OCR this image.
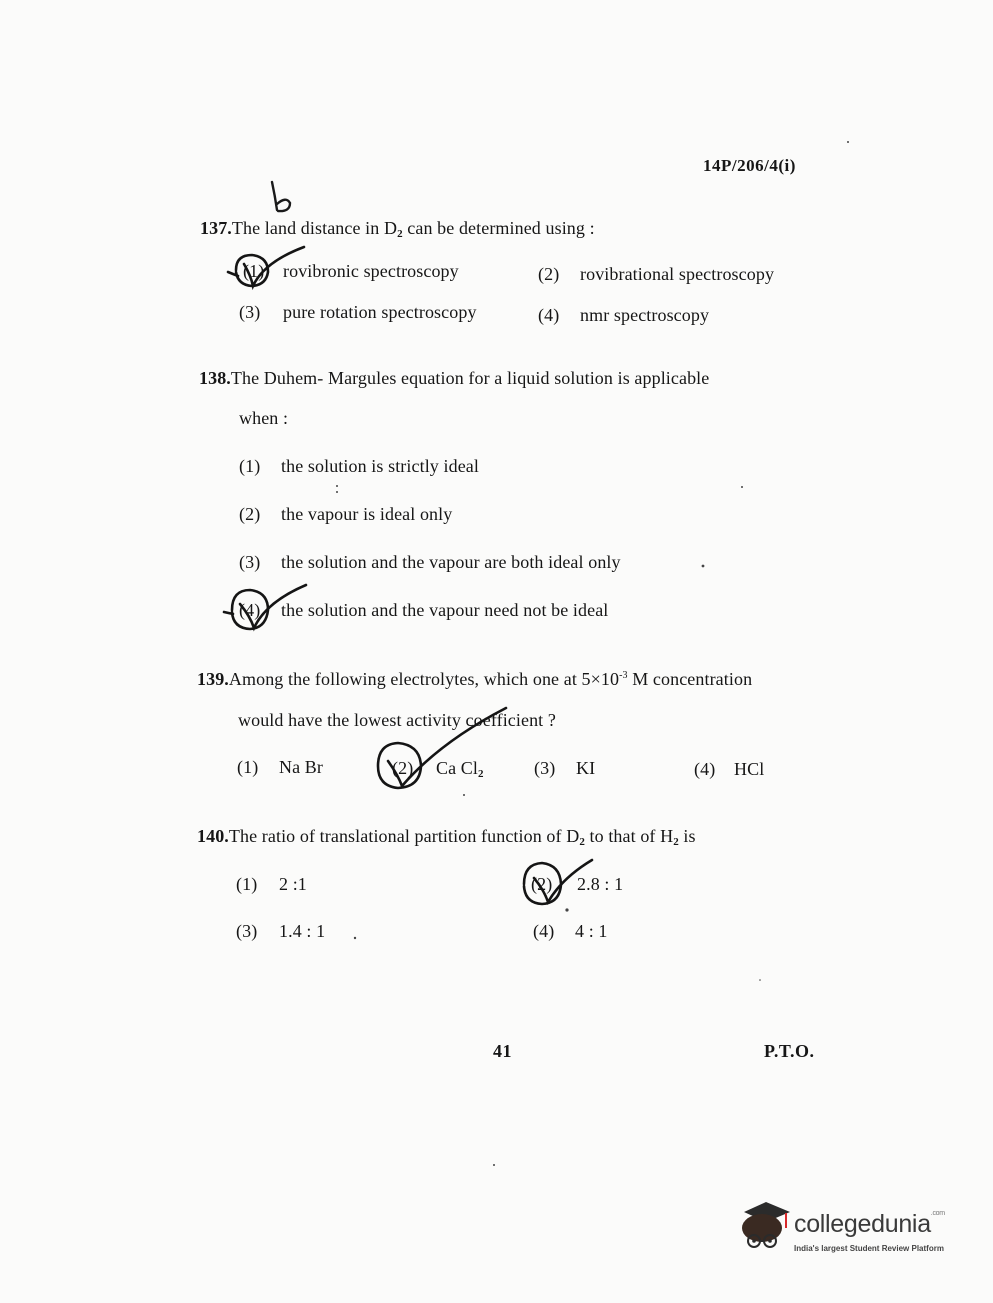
14P/206/4(i)
137.The land distance in $D_2$ can be determined using :
(1) rovibronic spectroscopy	(2) rovibrational spectroscopy
(3) pure rotation spectroscopy	(4) nmr spectroscopy
138.The Duhem- Margules equation for a liquid solution is applicable
when :
(1) the solution is strictly ideal
(2) the vapour is ideal only
(3) the solution and the vapour are both ideal only
(4) the solution and the vapour need not be ideal
139.Among the following electrolytes, which one at $5\times 10^{-3}$ M concentration
would have the lowest activity coefficient ?
(1) Na Br	(2) Ca $Cl_2$	(3) KI	(4) HCl
140.The ratio of translational partition function of $D_2$ to that of $H_2$ is
(1) 2 :1	(2) 2.8 : 1
(3) 1.4 : 1	(4) 4 : 1
41	P.T.O.
collegedunia$^{.com}$
India's largest Student Review Platform
